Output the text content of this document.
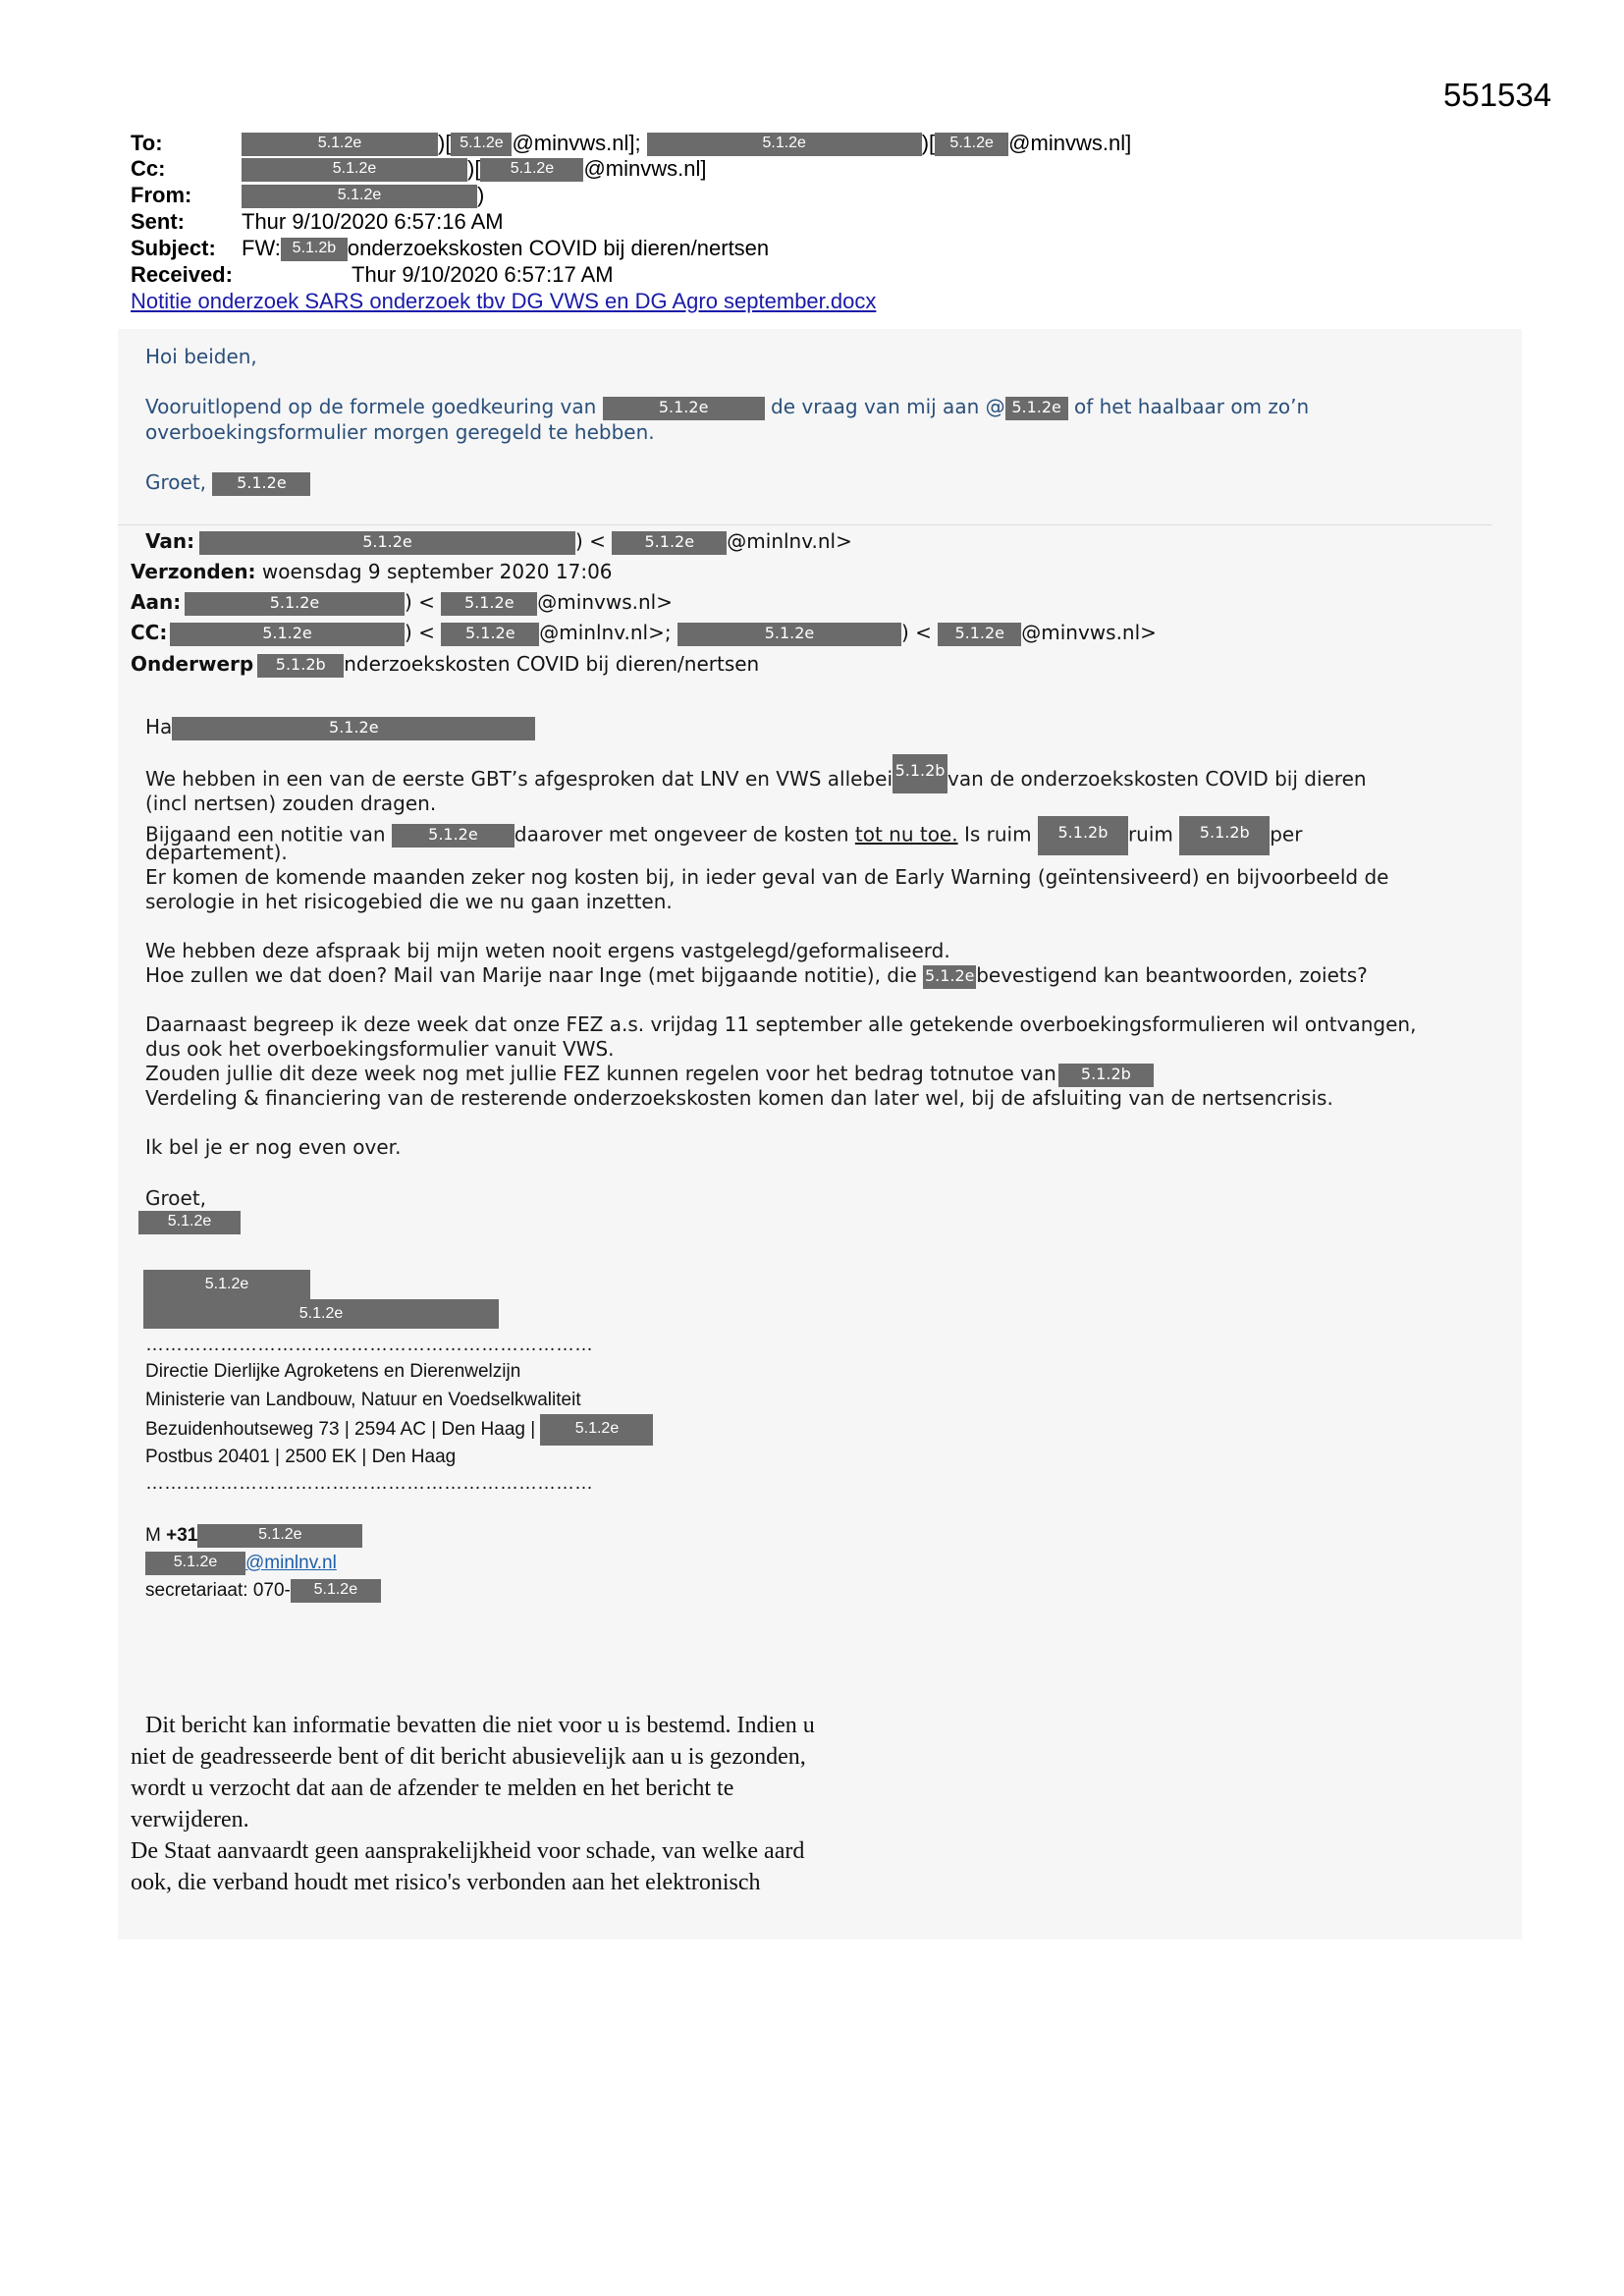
551534
To:	5.1.2e	)[ 5.1.2e @minvws.nl];	5.1.2e	)[ 5.1.2e @minvws.nl]
Cc:	5.1.2e	)[ 5.1.2e @minvws.nl]
From:	5.1.2e	)
Sent:	Thur 9/10/2020 6:57:16 AM
Subject: FW: 5.1.2b onderzoekskosten COVID bij dieren/nertsen
Received:	Thur 9/10/2020 6:57:17 AM
Notitie onderzoek SARS onderzoek tbv DG VWS en DG Agro september.docx
Hoi beiden,
Vooruitlopend op de formele goedkeuring van	5.1.2e	de vraag van mij aan @ 5.1.2e of het haalbaar om zo’n
overboekingsformulier morgen geregeld te hebben.
Groet, 5.1.2e
Van:	5.1.2e	) < 5.1.2e @minlnv.nl>
Verzonden: woensdag 9 september 2020 17:06
Aan:	5.1.2e	) < 5.1.2e @minvws.nl>
CC:	5.1.2e	) < 5.1.2e @minlnv.nl>;	5.1.2e	) < 5.1.2e @minvws.nl>
Onderwerp 5.1.2b nderzoekskosten COVID bij dieren/nertsen
Ha	5.1.2e
We hebben in een van de eerste GBT’s afgesproken dat LNV en VWS allebei 5.1.2b van de onderzoekskosten COVID bij dieren
(incl nertsen) zouden dragen.
Bijgaand een notitie van	5.1.2e daarover met ongeveer de kosten tot nu toe. Is ruim 5.1.2b ruim 5.1.2b per
departement).
Er komen de komende maanden zeker nog kosten bij, in ieder geval van de Early Warning (geïntensiveerd) en bijvoorbeeld de
serologie in het risicogebied die we nu gaan inzetten.
We hebben deze afspraak bij mijn weten nooit ergens vastgelegd/geformaliseerd.
Hoe zullen we dat doen? Mail van Marije naar Inge (met bijgaande notitie), die 5.1.2ebevestigend kan beantwoorden, zoiets?
Daarnaast begreep ik deze week dat onze FEZ a.s. vrijdag 11 september alle getekende overboekingsformulieren wil ontvangen,
dus ook het overboekingsformulier vanuit VWS.
Zouden jullie dit deze week nog met jullie FEZ kunnen regelen voor het bedrag totnutoe van 5.1.2b
Verdeling & financiering van de resterende onderzoekskosten komen dan later wel, bij de afsluiting van de nertsencrisis.
Ik bel je er nog even over.
Groet,
5.1.2e
5.1.2e
5.1.2e
………………………………………………………………
Directie Dierlijke Agroketens en Dierenwelzijn
Ministerie van Landbouw, Natuur en Voedselkwaliteit
Bezuidenhoutseweg 73 | 2594 AC | Den Haag |	5.1.2e
Postbus 20401 | 2500 EK | Den Haag
………………………………………………………………
M +31	5.1.2e
5.1.2e @minlnv.nl
secretariaat: 070- 5.1.2e
Dit bericht kan informatie bevatten die niet voor u is bestemd. Indien u
niet de geadresseerde bent of dit bericht abusievelijk aan u is gezonden,
wordt u verzocht dat aan de afzender te melden en het bericht te
verwijderen.
De Staat aanvaardt geen aansprakelijkheid voor schade, van welke aard
ook, die verband houdt met risico's verbonden aan het elektronisch
